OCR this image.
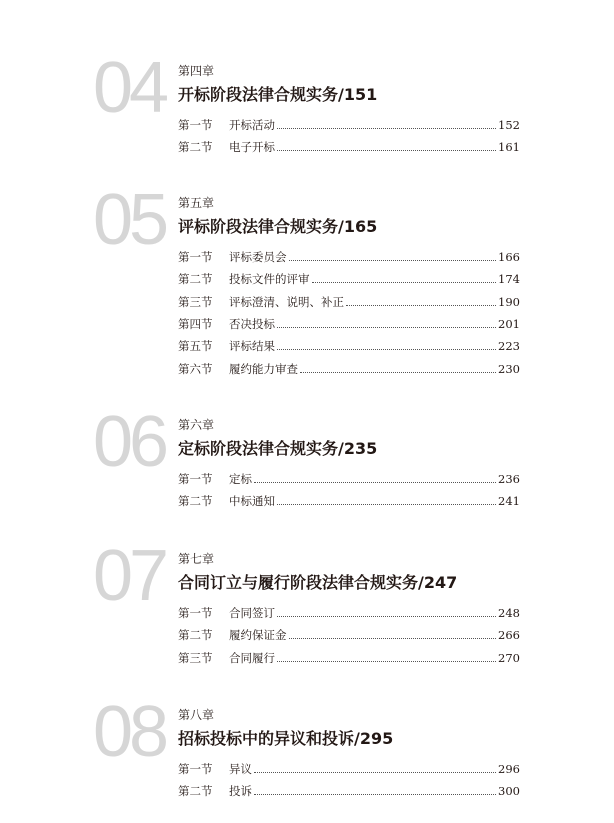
04 第四章
开标阶段法律合规实务/151
第一节	开标活动	152
第二节	电子开标	161
05 第五章
评标阶段法律合规实务/165
第一节	评标委员会	166
第二节	投标文件的评审	174
第三节	评标澄清、说明、补正	190
第四节	否决投标	201
第五节	评标结果	223
第六节	履约能力审查	230
06 第六章
定标阶段法律合规实务/235
第一节	定标	236
第二节	中标通知	241
07 第七章
合同订立与履行阶段法律合规实务/247
第一节	合同签订	248
第二节	履约保证金	266
第三节	合同履行	270
08 第八章
招标投标中的异议和投诉/295
第一节	异议	296
第二节	投诉	300
